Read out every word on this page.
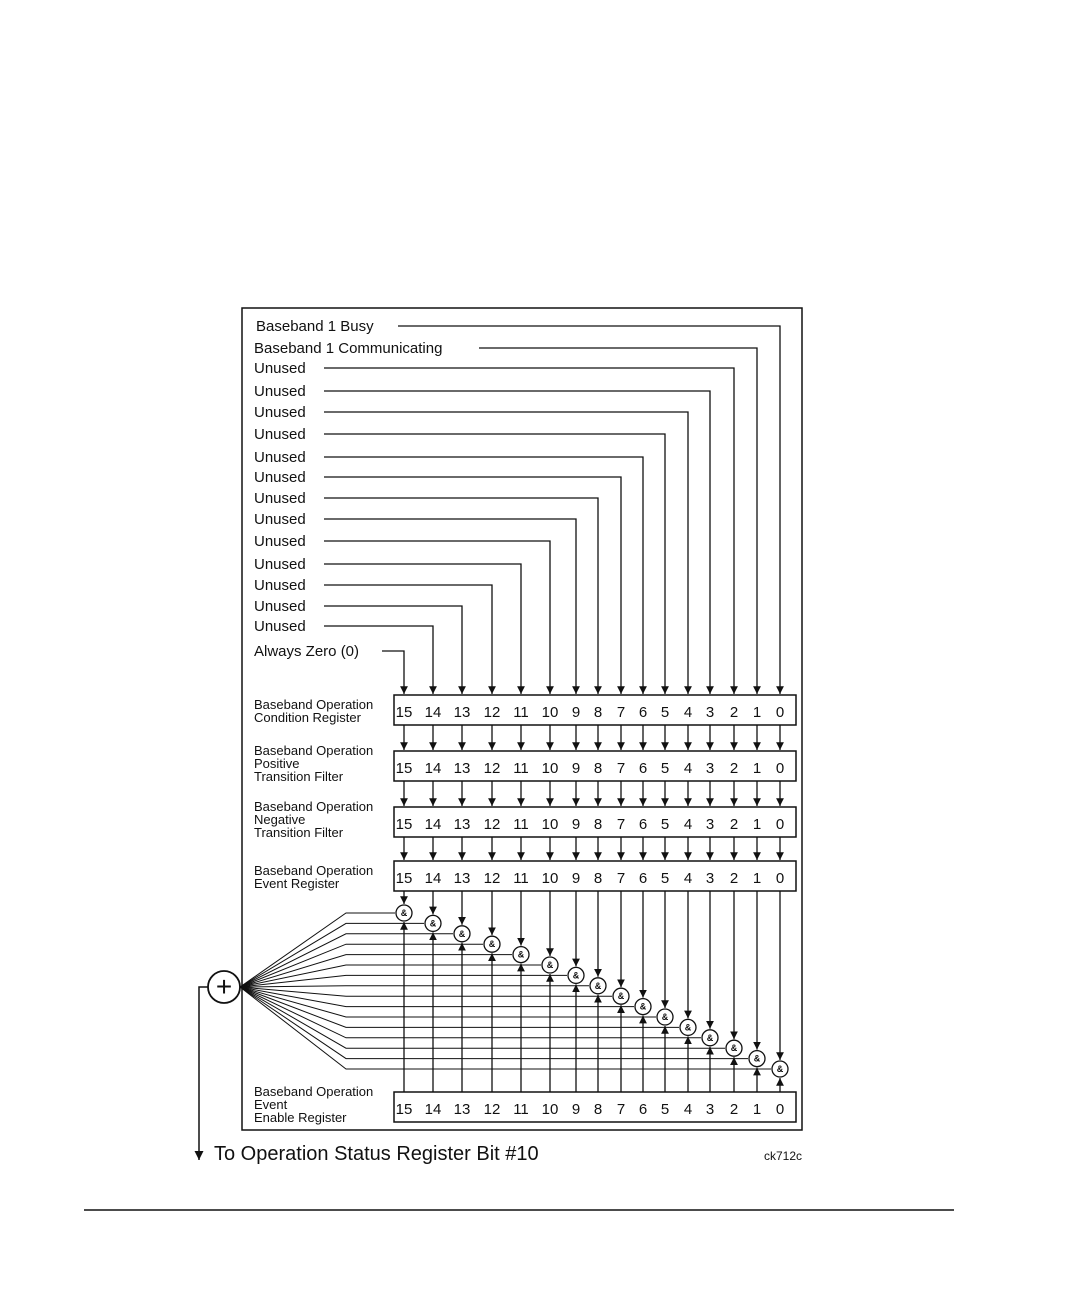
Baseband 1 Busy
Baseband 1 Communicating
Unused
Unused
Unused
Unused
Unused
Unused
Unused
Unused
Unused
Unused
Unused
Unused
Unused
Always Zero (0)
Baseband Operation
Condition Register 15 14 13 12 11 10 9 8 7 6 5 4 3 2 1 0
Baseband Operation
Positive
Transition Filter	15 14 13 12 11 10 9 8 7 6 5 4 3 2 1 0
Baseband Operation
Negative
Transition Filter	15 14 13 12 11 10 9 8 7 6 5 4 3 2 1 0
Baseband Operation
Event Register	15 14 13 12 11 10 9 8 7 6 5 4 3 2 1 0
Baseband Operation
Event
Enable Register	15 14 13 12 11 10 9 8 7 6 5 4 3 2 1 0
&
&
&
&
&
&
&
&
&
&
&
&
&
&
&
&
+
To Operation Status Register Bit #10	ck712c
